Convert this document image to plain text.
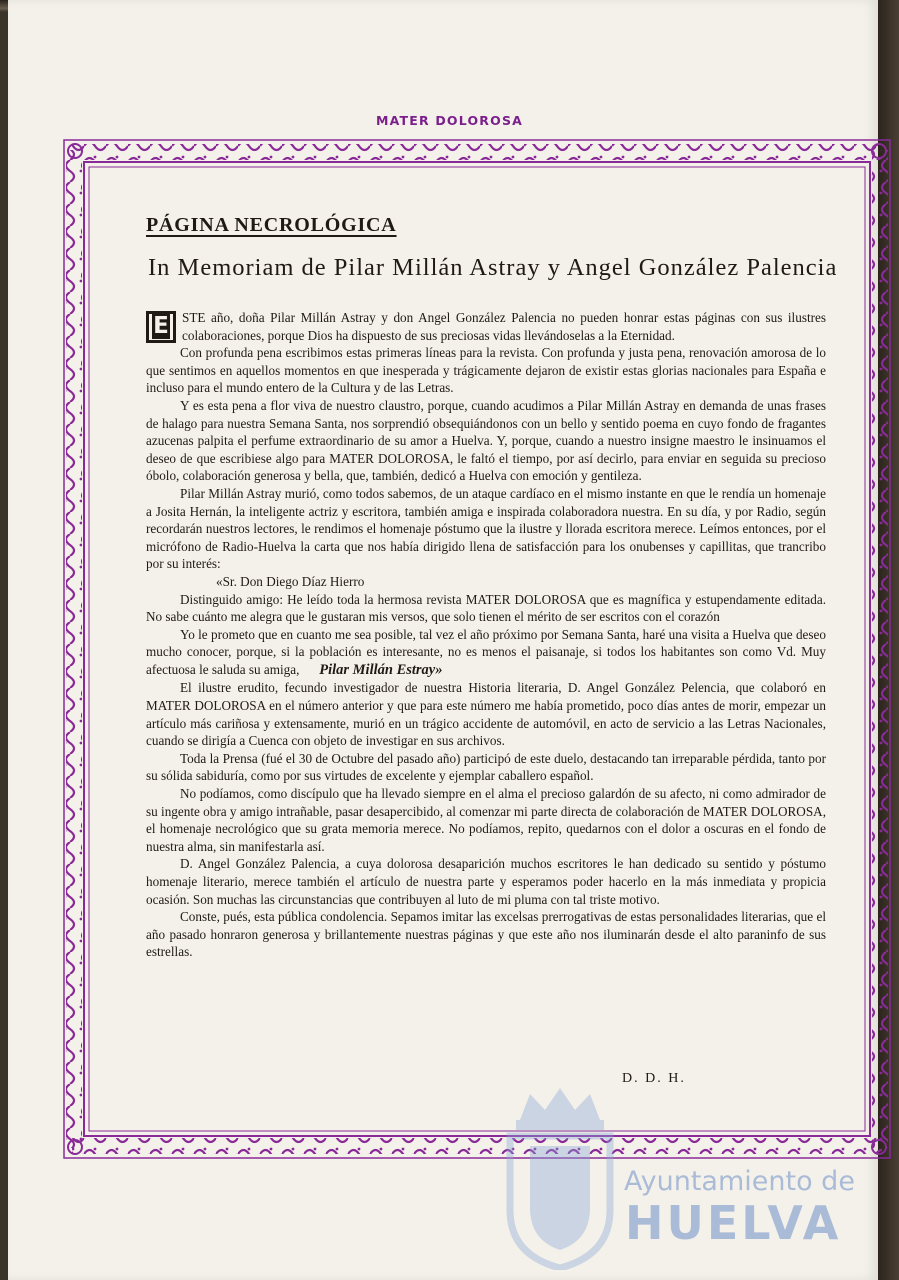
MATER DOLOROSA
PÁGINA NECROLÓGICA
In Memoriam de Pilar Millán Astray y Angel González Palencia

E STE año, doña Pilar Millán Astray y don Angel González Palencia no pueden honrar estas páginas con sus ilustres colaboraciones, porque Dios ha dispuesto de sus preciosas vidas llevándoselas a la Eternidad.

Con profunda pena escribimos estas primeras líneas para la revista. Con profunda y justa pena, renovación amorosa de lo que sentimos en aquellos momentos en que inesperada y trágicamente dejaron de existir estas glorias nacionales para España e incluso para el mundo entero de la Cultura y de las Letras.

Y es esta pena a flor viva de nuestro claustro, porque, cuando acudimos a Pilar Millán Astray en demanda de unas frases de halago para nuestra Semana Santa, nos sorprendió obsequiándonos con un bello y sentido poema en cuyo fondo de fragantes azucenas palpita el perfume extraordinario de su amor a Huelva. Y, porque, cuando a nuestro insigne maestro le insinuamos el deseo de que escribiese algo para MATER DOLOROSA, le faltó el tiempo, por así decirlo, para enviar en seguida su precioso óbolo, colaboración generosa y bella, que, también, dedicó a Huelva con emoción y gentileza.

Pilar Millán Astray murió, como todos sabemos, de un ataque cardíaco en el mismo instante en que le rendía un homenaje a Josita Hernán, la inteligente actriz y escritora, también amiga e inspirada colaboradora nuestra. En su día, y por Radio, según recordarán nuestros lectores, le rendimos el homenaje póstumo que la ilustre y llorada escritora merece. Leímos entonces, por el micrófono de Radio-Huelva la carta que nos había dirigido llena de satisfacción para los onubenses y capillitas, que trancribo por su interés:

«Sr. Don Diego Díaz Hierro

Distinguido amigo: He leído toda la hermosa revista MATER DOLOROSA que es magnífica y estupendamente editada. No sabe cuánto me alegra que le gustaran mis versos, que solo tienen el mérito de ser escritos con el corazón

Yo le prometo que en cuanto me sea posible, tal vez el año próximo por Semana Santa, haré una visita a Huelva que deseo mucho conocer, porque, si la población es interesante, no es menos el paisanaje, si todos los habitantes son como Vd. Muy afectuosa le saluda su amiga, Pilar Millán Estray»

El ilustre erudito, fecundo investigador de nuestra Historia literaria, D. Angel González Pelencia, que colaboró en MATER DOLOROSA en el número anterior y que para este número me había prometido, poco días antes de morir, empezar un artículo más cariñosa y extensamente, murió en un trágico accidente de automóvil, en acto de servicio a las Letras Nacionales, cuando se dirigía a Cuenca con objeto de investigar en sus archivos.

Toda la Prensa (fué el 30 de Octubre del pasado año) participó de este duelo, destacando tan irreparable pérdida, tanto por su sólida sabiduría, como por sus virtudes de excelente y ejemplar caballero español.

No podíamos, como discípulo que ha llevado siempre en el alma el precioso galardón de su afecto, ni como admirador de su ingente obra y amigo intrañable, pasar desapercibido, al comenzar mi parte directa de colaboración de MATER DOLOROSA, el homenaje necrológico que su grata memoria merece. No podíamos, repito, quedarnos con el dolor a oscuras en el fondo de nuestra alma, sin manifestarla así.

D. Angel González Palencia, a cuya dolorosa desaparición muchos escritores le han dedicado su sentido y póstumo homenaje literario, merece también el artículo de nuestra parte y esperamos poder hacerlo en la más inmediata y propicia ocasión. Son muchas las circunstancias que contribuyen al luto de mi pluma con tal triste motivo.

Conste, pués, esta pública condolencia. Sepamos imitar las excelsas prerrogativas de estas personalidades literarias, que el año pasado honraron generosa y brillantemente nuestras páginas y que este año nos iluminarán desde el alto paraninfo de sus estrellas.

D. D. H.
Ayuntamiento de
HUELVA
